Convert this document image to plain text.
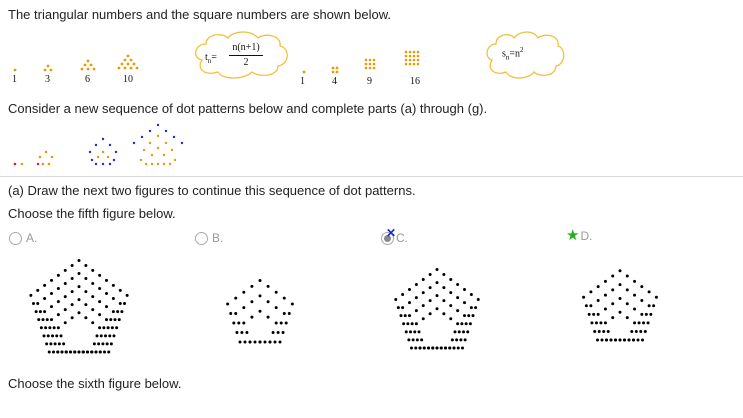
The triangular numbers and the square numbers are shown below.
1	3	6	10
$t_n=$
n(n+1)
2
1	4	9	16
$s_n=n^2$
Consider a new sequence of dot patterns below and complete parts (a) through (g).
(a) Draw the next two figures to continue this sequence of dot patterns.
Choose the fifth figure below.
A.	B.	✕ C.	★ D.
Choose the sixth figure below.
